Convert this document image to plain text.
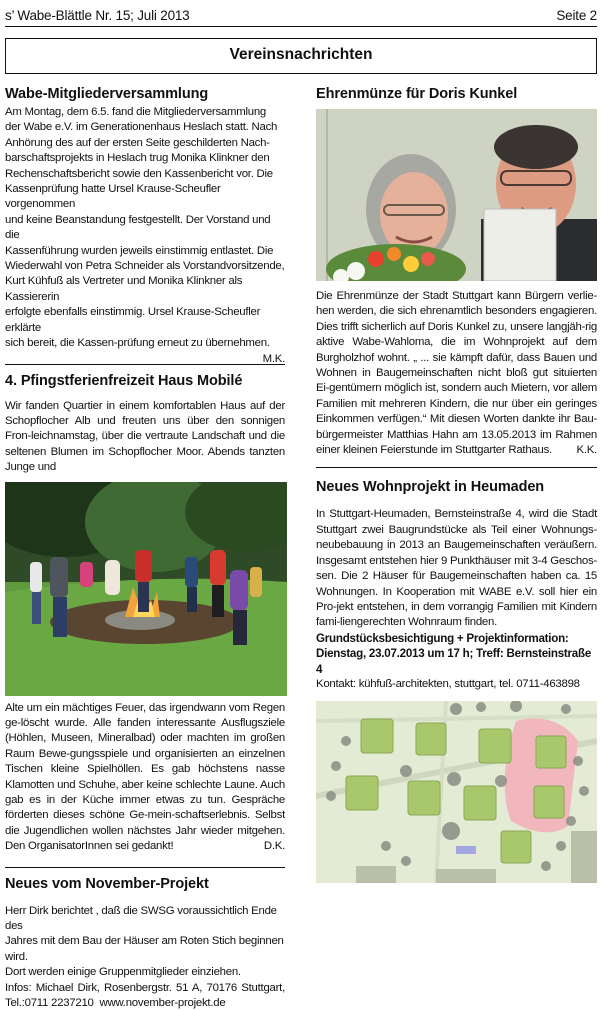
s’ Wabe-Blättle Nr. 15; Juli 2013	Seite 2
Vereinsnachrichten
Wabe-Mitgliederversammlung

Am Montag, dem 6.5. fand die Mitgliederversammlung

der Wabe e.V. im Generationenhaus Heslach statt. Nach

Anhörung des auf der ersten Seite geschilderten Nach-

barschaftsprojekts in Heslach trug Monika Klinkner den

Rechenschaftsbericht sowie den Kassenbericht vor. Die

Kassenprüfung hatte Ursel Krause-Scheufler vorgenommen

und keine Beanstandung festgestellt. Der Vorstand und die

Kassenführung wurden jeweils einstimmig entlastet. Die

Wiederwahl von Petra Schneider als Vorstandvorsitzende,

Kurt Kühfuß als Vertreter und Monika Klinkner als Kassiererin

erfolgte ebenfalls einstimmig. Ursel Krause-Scheufler erklärte

sich bereit, die Kassen-prüfung erneut zu übernehmen.
M.K.

4. Pfingstferienfreizeit Haus Mobilé

Wir fanden Quartier in einem komfortablen Haus auf der Schopflocher Alb und freuten uns über den sonnigen Fron-leichnamstag, über die vertraute Landschaft und die seltenen Blumen im Schopflocher Moor. Abends tanzten Junge und

Alte um ein mächtiges Feuer, das irgendwann vom Regen ge-löscht wurde. Alle fanden interessante Ausflugsziele (Höhlen, Museen, Mineralbad) oder machten im großen Raum Bewe-gungsspiele und organisierten an einzelnen Tischen kleine Spielhöllen. Es gab höchstens nasse Klamotten und Schuhe, aber keine schlechte Laune. Auch gab es in der Küche immer etwas zu tun. Gespräche förderten dieses schöne Ge-mein-schaftserlebnis. Selbst die Jugendlichen wollen nächstes Jahr wieder mitgehen. Den OrganisatorInnen sei gedankt!	D.K.

Neues vom November-Projekt

Herr Dirk berichtet , daß die SWSG voraussichtlich Ende des

Jahres mit dem Bau der Häuser am Roten Stich beginnen wird.

Dort werden einige Gruppenmitglieder einziehen.

Infos: Michael Dirk, Rosenbergstr. 51 A, 70176 Stuttgart,

Tel.:0711 2237210 www.november-projekt.de

Ehrenmünze für Doris Kunkel

Die Ehrenmünze der Stadt Stuttgart kann Bürgern verlie-hen werden, die sich ehrenamtlich besonders engagieren. Dies trifft sicherlich auf Doris Kunkel zu, unsere langjäh-rig aktive Wabe-Wahloma, die im Wohnprojekt auf dem Burgholzhof wohnt. „ ... sie kämpft dafür, dass Bauen und Wohnen in Baugemeinschaften nicht bloß gut situierten Ei-gentümern möglich ist, sondern auch Mietern, vor allem Familien mit mehreren Kindern, die nur über ein geringes Einkommen verfügen.“ Mit diesen Worten dankte ihr Bau-bürgermeister Matthias Hahn am 13.05.2013 im Rahmen einer kleinen Feierstunde im Stuttgarter Rathaus. K.K.

Neues Wohnprojekt in Heumaden

In Stuttgart-Heumaden, Bernsteinstraße 4, wird die Stadt Stuttgart zwei Baugrundstücke als Teil einer Wohnungs-neubebauung in 2013 an Baugemeinschaften veräußern. Insgesamt entstehen hier 9 Punkthäuser mit 3-4 Geschos-sen. Die 2 Häuser für Baugemeinschaften haben ca. 15 Wohnungen. In Kooperation mit WABE e.V. soll hier ein Pro-jekt entstehen, in dem vorrangig Familien mit Kindern fami-liengerechten Wohnraum finden.

Grundstücksbesichtigung + Projektinformation:

Dienstag, 23.07.2013 um 17 h; Treff: Bernsteinstraße 4

Kontakt: kühfuß-architekten, stuttgart, tel. 0711-463898
